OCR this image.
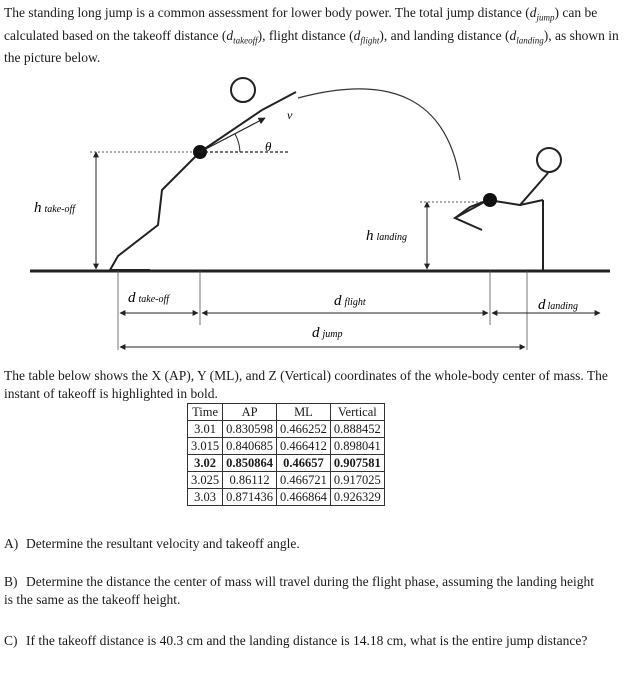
The standing long jump is a common assessment for lower body power. The total jump distance $(d_{jump})$ can be calculated based on the takeoff distance $(d_{takeoff})$, flight distance $(d_{flight})$, and landing distance $(d_{landing})$, as shown in the picture below.
v
θ
htake-off
hlanding
dtake-off	dflight	dlanding
djump
The table below shows the X (AP), Y (ML), and Z (Vertical) coordinates of the whole-body center of mass. The instant of takeoff is highlighted in bold.
Time	AP	ML	Vertical
3.01	0.830598	0.466252	0.888452
3.015	0.840685	0.466412	0.898041
3.02	0.850864	0.46657	0.907581
3.025	0.86112	0.466721	0.917025
3.03	0.871436	0.466864	0.926329
A) Determine the resultant velocity and takeoff angle.
B) Determine the distance the center of mass will travel during the flight phase, assuming the landing height is the same as the takeoff height.
C) If the takeoff distance is 40.3 cm and the landing distance is 14.18 cm, what is the entire jump distance?
